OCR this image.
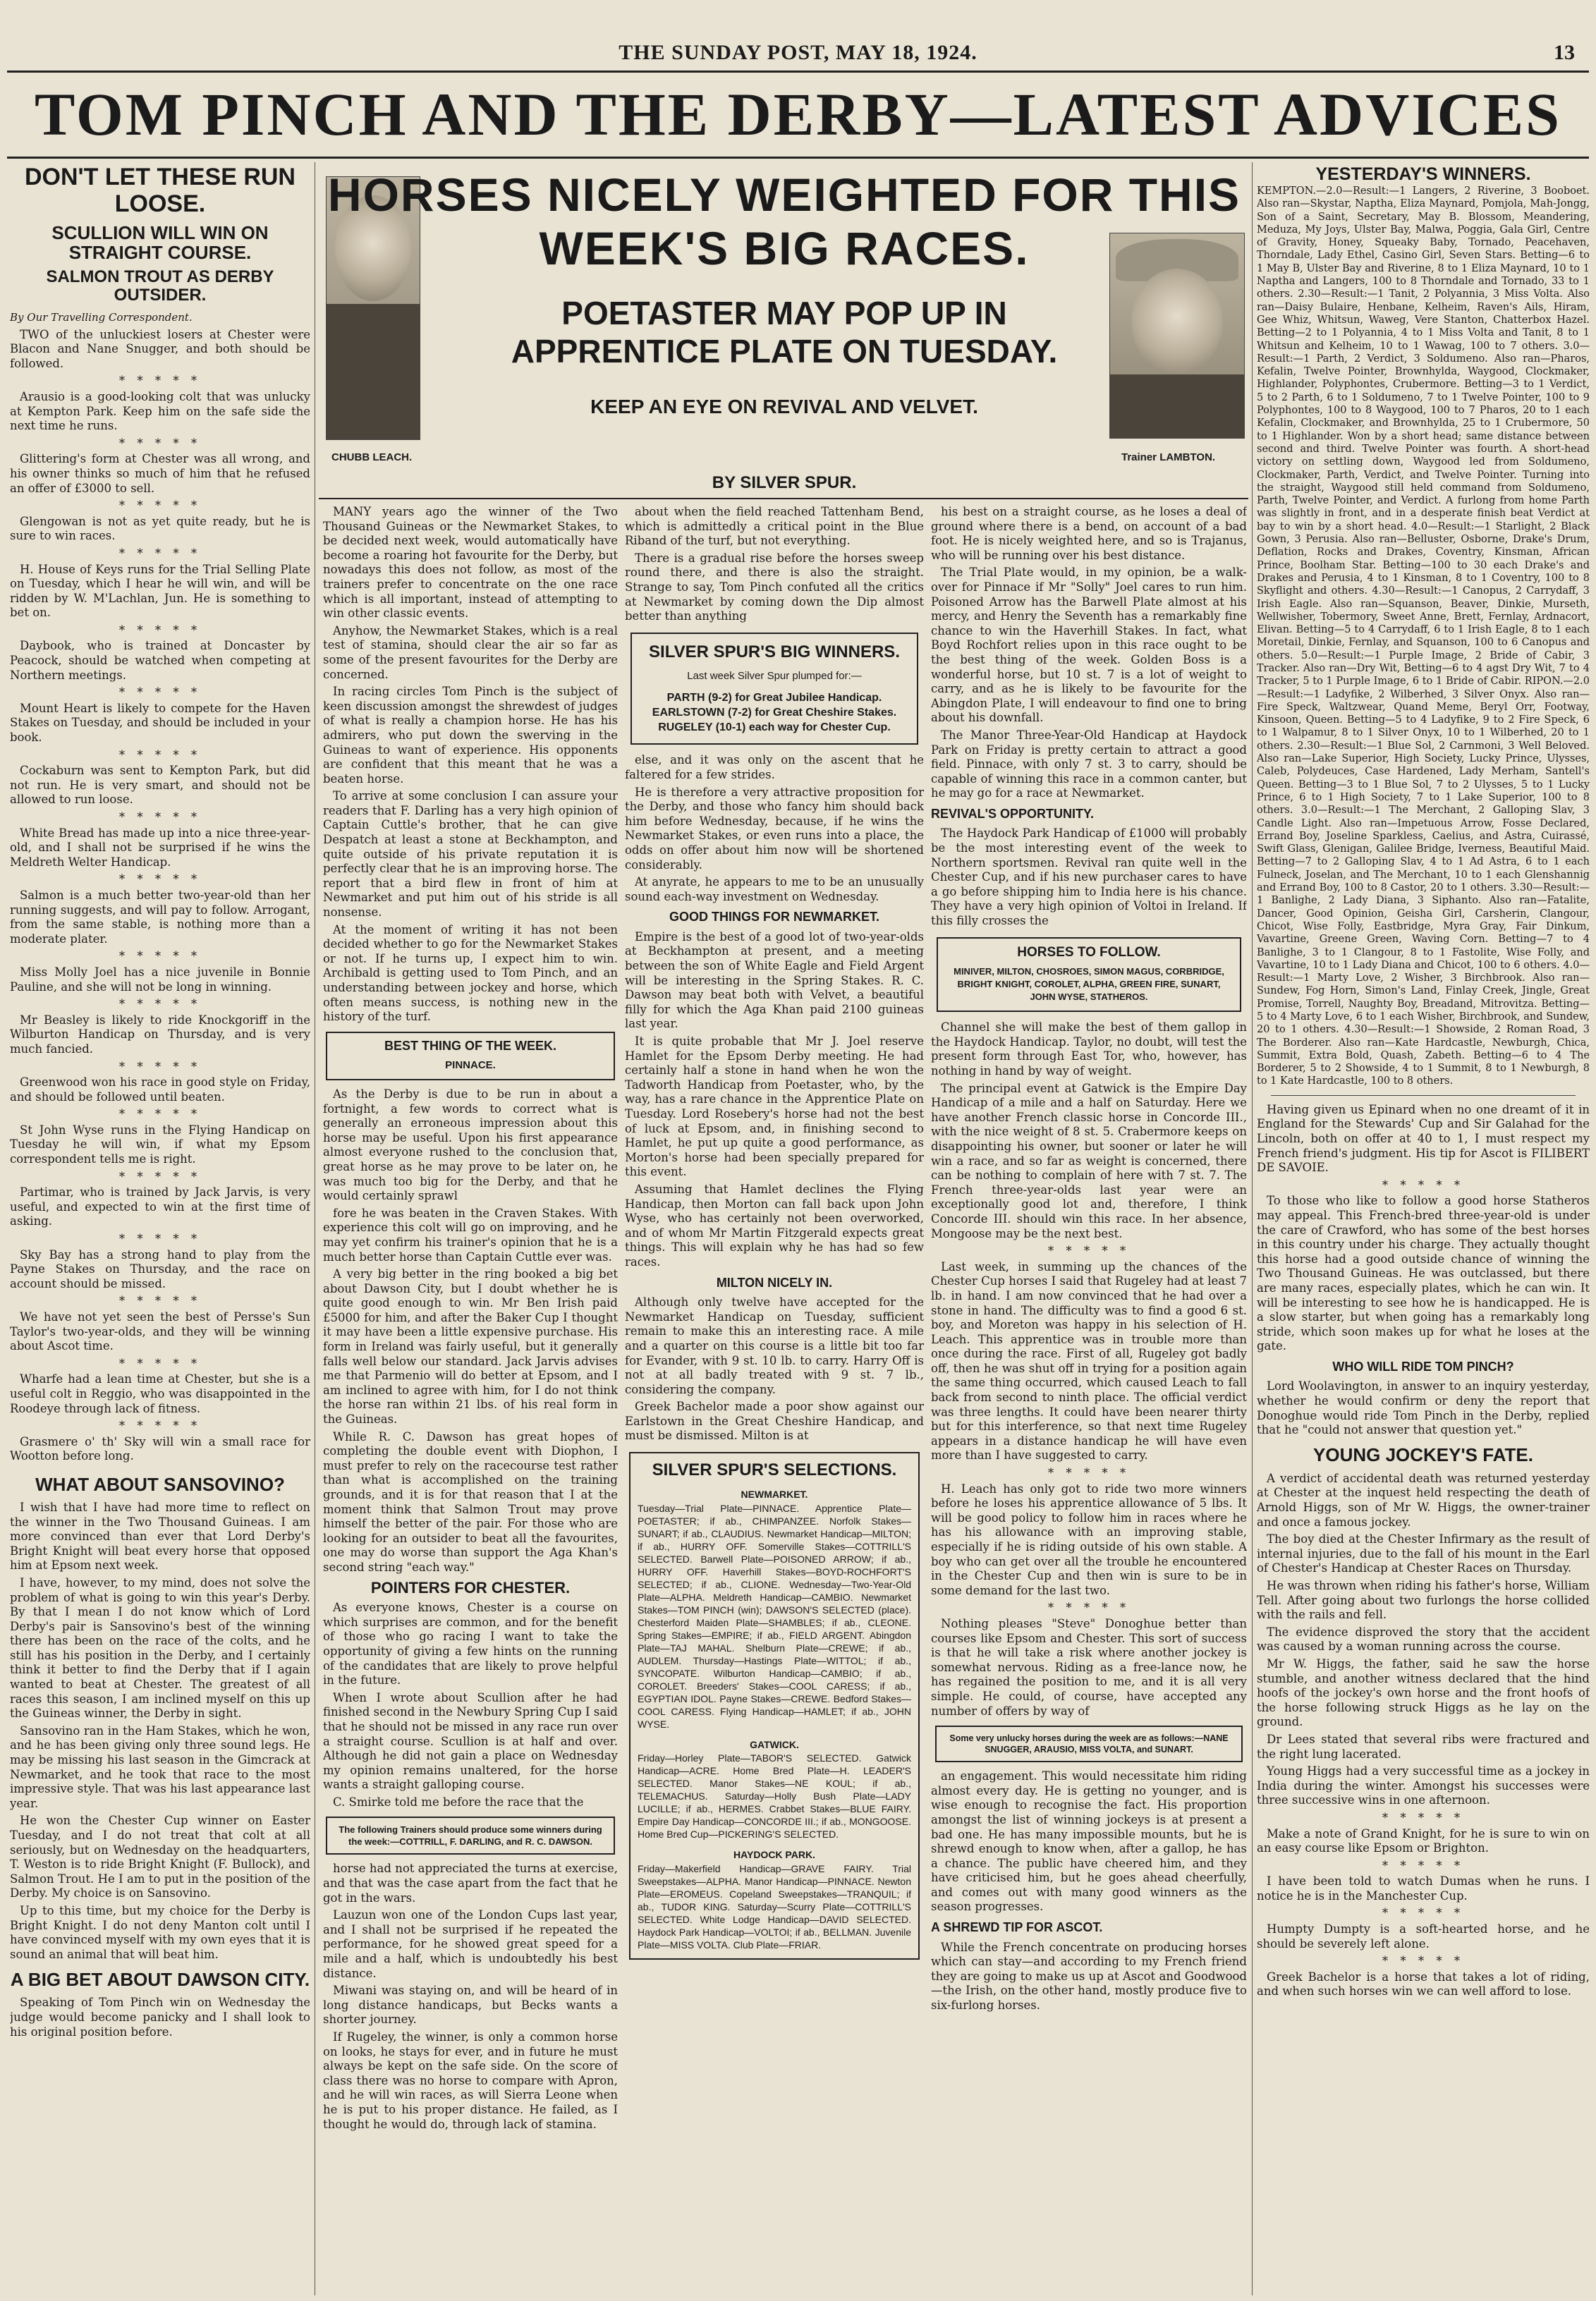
THE SUNDAY POST, MAY 18, 1924.	13
TOM PINCH AND THE DERBY—LATEST ADVICES
DON'T LET THESE RUN LOOSE.
SCULLION WILL WIN ON STRAIGHT COURSE.
SALMON TROUT AS DERBY OUTSIDER.
By Our Travelling Correspondent.

TWO of the unluckiest losers at Chester were Blacon and Nane Snugger, and both should be followed.

* * * * *

Arausio is a good-looking colt that was unlucky at Kempton Park. Keep him on the safe side the next time he runs.

* * * * *

Glittering's form at Chester was all wrong, and his owner thinks so much of him that he refused an offer of £3000 to sell.

* * * * *

Glengowan is not as yet quite ready, but he is sure to win races.

* * * * *

H. House of Keys runs for the Trial Selling Plate on Tuesday, which I hear he will win, and will be ridden by W. M'Lachlan, Jun. He is something to bet on.

* * * * *

Daybook, who is trained at Doncaster by Peacock, should be watched when competing at Northern meetings.

* * * * *

Mount Heart is likely to compete for the Haven Stakes on Tuesday, and should be included in your book.

* * * * *

Cockaburn was sent to Kempton Park, but did not run. He is very smart, and should not be allowed to run loose.

* * * * *

White Bread has made up into a nice three-year-old, and I shall not be surprised if he wins the Meldreth Welter Handicap.

* * * * *

Salmon is a much better two-year-old than her running suggests, and will pay to follow. Arrogant, from the same stable, is nothing more than a moderate plater.

* * * * *

Miss Molly Joel has a nice juvenile in Bonnie Pauline, and she will not be long in winning.

* * * * *

Mr Beasley is likely to ride Knockgoriff in the Wilburton Handicap on Thursday, and is very much fancied.

* * * * *

Greenwood won his race in good style on Friday, and should be followed until beaten.

* * * * *

St John Wyse runs in the Flying Handicap on Tuesday he will win, if what my Epsom correspondent tells me is right.

* * * * *

Partimar, who is trained by Jack Jarvis, is very useful, and expected to win at the first time of asking.

* * * * *

Sky Bay has a strong hand to play from the Payne Stakes on Thursday, and the race on account should be missed.

* * * * *

We have not yet seen the best of Persse's Sun Taylor's two-year-olds, and they will be winning about Ascot time.

* * * * *

Wharfe had a lean time at Chester, but she is a useful colt in Reggio, who was disappointed in the Roodeye through lack of fitness.

* * * * *

Grasmere o' th' Sky will win a small race for Wootton before long.

WHAT ABOUT SANSOVINO?

I wish that I have had more time to reflect on the winner in the Two Thousand Guineas. I am more convinced than ever that Lord Derby's Bright Knight will beat every horse that opposed him at Epsom next week.

I have, however, to my mind, does not solve the problem of what is going to win this year's Derby. By that I mean I do not know which of Lord Derby's pair is Sansovino's best of the winning there has been on the race of the colts, and he still has his position in the Derby, and I certainly think it better to find the Derby that if I again wanted to beat at Chester. The greatest of all races this season, I am inclined myself on this up the Guineas winner, the Derby in sight.

Sansovino ran in the Ham Stakes, which he won, and he has been giving only three sound legs. He may be missing his last season in the Gimcrack at Newmarket, and he took that race to the most impressive style. That was his last appearance last year.

He won the Chester Cup winner on Easter Tuesday, and I do not treat that colt at all seriously, but on Wednesday on the headquarters, T. Weston is to ride Bright Knight (F. Bullock), and Salmon Trout. He I am to put in the position of the Derby. My choice is on Sansovino.

Up to this time, but my choice for the Derby is Bright Knight. I do not deny Manton colt until I have convinced myself with my own eyes that it is sound an animal that will beat him.

A BIG BET ABOUT DAWSON CITY.

Speaking of Tom Pinch win on Wednesday the judge would become panicky and I shall look to his original position before.

CHUBB LEACH.	Trainer LAMBTON.
HORSES NICELY WEIGHTED FOR THIS
WEEK'S BIG RACES.
POETASTER MAY POP UP IN
APPRENTICE PLATE ON TUESDAY.
KEEP AN EYE ON REVIVAL AND VELVET.
BY SILVER SPUR.

MANY years ago the winner of the Two Thousand Guineas or the Newmarket Stakes, to be decided next week, would automatically have become a roaring hot favourite for the Derby, but nowadays this does not follow, as most of the trainers prefer to concentrate on the one race which is all important, instead of attempting to win other classic events.

Anyhow, the Newmarket Stakes, which is a real test of stamina, should clear the air so far as some of the present favourites for the Derby are concerned.

In racing circles Tom Pinch is the subject of keen discussion amongst the shrewdest of judges of what is really a champion horse. He has his admirers, who put down the swerving in the Guineas to want of experience. His opponents are confident that this meant that he was a beaten horse.

To arrive at some conclusion I can assure your readers that F. Darling has a very high opinion of Captain Cuttle's brother, that he can give Despatch at least a stone at Beckhampton, and quite outside of his private reputation it is perfectly clear that he is an improving horse. The report that a bird flew in front of him at Newmarket and put him out of his stride is all nonsense.

At the moment of writing it has not been decided whether to go for the Newmarket Stakes or not. If he turns up, I expect him to win. Archibald is getting used to Tom Pinch, and an understanding between jockey and horse, which often means success, is nothing new in the history of the turf.

BEST THING OF THE WEEK.
PINNACE.

As the Derby is due to be run in about a fortnight, a few words to correct what is generally an erroneous impression about this horse may be useful. Upon his first appearance almost everyone rushed to the conclusion that, great horse as he may prove to be later on, he was much too big for the Derby, and that he would certainly sprawl

fore he was beaten in the Craven Stakes. With experience this colt will go on improving, and he may yet confirm his trainer's opinion that he is a much better horse than Captain Cuttle ever was.

A very big better in the ring booked a big bet about Dawson City, but I doubt whether he is quite good enough to win. Mr Ben Irish paid £5000 for him, and after the Baker Cup I thought it may have been a little expensive purchase. His form in Ireland was fairly useful, but it generally falls well below our standard. Jack Jarvis advises me that Parmenio will do better at Epsom, and I am inclined to agree with him, for I do not think the horse ran within 21 lbs. of his real form in the Guineas.

While R. C. Dawson has great hopes of completing the double event with Diophon, I must prefer to rely on the racecourse test rather than what is accomplished on the training grounds, and it is for that reason that I at the moment think that Salmon Trout may prove himself the better of the pair. For those who are looking for an outsider to beat all the favourites, one may do worse than support the Aga Khan's second string "each way."

POINTERS FOR CHESTER.

As everyone knows, Chester is a course on which surprises are common, and for the benefit of those who go racing I want to take the opportunity of giving a few hints on the running of the candidates that are likely to prove helpful in the future.

When I wrote about Scullion after he had finished second in the Newbury Spring Cup I said that he should not be missed in any race run over a straight course. Scullion is at half and over. Although he did not gain a place on Wednesday my opinion remains unaltered, for the horse wants a straight galloping course.

C. Smirke told me before the race that the

The following Trainers should produce some winners during the week:—COTTRILL, F. DARLING, and R. C. DAWSON.

horse had not appreciated the turns at exercise, and that was the case apart from the fact that he got in the wars.

Lauzun won one of the London Cups last year, and I shall not be surprised if he repeated the performance, for he showed great speed for a mile and a half, which is undoubtedly his best distance.

Miwani was staying on, and will be heard of in long distance handicaps, but Becks wants a shorter journey.

If Rugeley, the winner, is only a common horse on looks, he stays for ever, and in future he must always be kept on the safe side. On the score of class there was no horse to compare with Apron, and he will win races, as will Sierra Leone when he is put to his proper distance. He failed, as I thought he would do, through lack of stamina.

about when the field reached Tattenham Bend, which is admittedly a critical point in the Blue Riband of the turf, but not everything.

There is a gradual rise before the horses sweep round there, and there is also the straight. Strange to say, Tom Pinch confuted all the critics at Newmarket by coming down the Dip almost better than anything

SILVER SPUR'S BIG WINNERS.
Last week Silver Spur plumped for:—
PARTH (9-2) for Great Jubilee Handicap.
EARLSTOWN (7-2) for Great Cheshire Stakes.
RUGELEY (10-1) each way for Chester Cup.

else, and it was only on the ascent that he faltered for a few strides.

He is therefore a very attractive proposition for the Derby, and those who fancy him should back him before Wednesday, because, if he wins the Newmarket Stakes, or even runs into a place, the odds on offer about him now will be shortened considerably.

At anyrate, he appears to me to be an unusually sound each-way investment on Wednesday.

GOOD THINGS FOR NEWMARKET.

Empire is the best of a good lot of two-year-olds at Beckhampton at present, and a meeting between the son of White Eagle and Field Argent will be interesting in the Spring Stakes. R. C. Dawson may beat both with Velvet, a beautiful filly for which the Aga Khan paid 2100 guineas last year.

It is quite probable that Mr J. Joel reserve Hamlet for the Epsom Derby meeting. He had certainly half a stone in hand when he won the Tadworth Handicap from Poetaster, who, by the way, has a rare chance in the Apprentice Plate on Tuesday. Lord Rosebery's horse had not the best of luck at Epsom, and, in finishing second to Hamlet, he put up quite a good performance, as Morton's horse had been specially prepared for this event.

Assuming that Hamlet declines the Flying Handicap, then Morton can fall back upon John Wyse, who has certainly not been overworked, and of whom Mr Martin Fitzgerald expects great things. This will explain why he has had so few races.

MILTON NICELY IN.

Although only twelve have accepted for the Newmarket Handicap on Tuesday, sufficient remain to make this an interesting race. A mile and a quarter on this course is a little bit too far for Evander, with 9 st. 10 lb. to carry. Harry Off is not at all badly treated with 9 st. 7 lb., considering the company.

Greek Bachelor made a poor show against our Earlstown in the Great Cheshire Handicap, and must be dismissed. Milton is at

SILVER SPUR'S SELECTIONS.
NEWMARKET.
Tuesday—Trial Plate—PINNACE. Apprentice Plate—POETASTER; if ab., CHIMPANZEE. Norfolk Stakes—SUNART; if ab., CLAUDIUS. Newmarket Handicap—MILTON; if ab., HURRY OFF. Somerville Stakes—COTTRILL'S SELECTED. Barwell Plate—POISONED ARROW; if ab., HURRY OFF. Haverhill Stakes—BOYD-ROCHFORT'S SELECTED; if ab., CLIONE. Wednesday—Two-Year-Old Plate—ALPHA. Meldreth Handicap—CAMBIO. Newmarket Stakes—TOM PINCH (win); DAWSON'S SELECTED (place). Chesterford Maiden Plate—SHAMBLES; if ab., CLEONE. Spring Stakes—EMPIRE; if ab., FIELD ARGENT. Abingdon Plate—TAJ MAHAL. Shelburn Plate—CREWE; if ab., AUDLEM. Thursday—Hastings Plate—WITTOL; if ab., SYNCOPATE. Wilburton Handicap—CAMBIO; if ab., COROLET. Breeders' Stakes—COOL CARESS; if ab., EGYPTIAN IDOL. Payne Stakes—CREWE. Bedford Stakes—COOL CARESS. Flying Handicap—HAMLET; if ab., JOHN WYSE.
GATWICK.
Friday—Horley Plate—TABOR'S SELECTED. Gatwick Handicap—ACRE. Home Bred Plate—H. LEADER'S SELECTED. Manor Stakes—NE KOUL; if ab., TELEMACHUS. Saturday—Holly Bush Plate—LADY LUCILLE; if ab., HERMES. Crabbet Stakes—BLUE FAIRY. Empire Day Handicap—CONCORDE III.; if ab., MONGOOSE. Home Bred Cup—PICKERING'S SELECTED.
HAYDOCK PARK.
Friday—Makerfield Handicap—GRAVE FAIRY. Trial Sweepstakes—ALPHA. Manor Handicap—PINNACE. Newton Plate—EROMEUS. Copeland Sweepstakes—TRANQUIL; if ab., TUDOR KING. Saturday—Scurry Plate—COTTRILL'S SELECTED. White Lodge Handicap—DAVID SELECTED. Haydock Park Handicap—VOLTOI; if ab., BELLMAN. Juvenile Plate—MISS VOLTA. Club Plate—FRIAR.

his best on a straight course, as he loses a deal of ground where there is a bend, on account of a bad foot. He is nicely weighted here, and so is Trajanus, who will be running over his best distance.

The Trial Plate would, in my opinion, be a walk-over for Pinnace if Mr "Solly" Joel cares to run him. Poisoned Arrow has the Barwell Plate almost at his mercy, and Henry the Seventh has a remarkably fine chance to win the Haverhill Stakes. In fact, what Boyd Rochfort relies upon in this race ought to be the best thing of the week. Golden Boss is a wonderful horse, but 10 st. 7 is a lot of weight to carry, and as he is likely to be favourite for the Abingdon Plate, I will endeavour to find one to bring about his downfall.

The Manor Three-Year-Old Handicap at Haydock Park on Friday is pretty certain to attract a good field. Pinnace, with only 7 st. 3 to carry, should be capable of winning this race in a common canter, but he may go for a race at Newmarket.

REVIVAL'S OPPORTUNITY.

The Haydock Park Handicap of £1000 will probably be the most interesting event of the week to Northern sportsmen. Revival ran quite well in the Chester Cup, and if his new purchaser cares to have a go before shipping him to India here is his chance. They have a very high opinion of Voltoi in Ireland. If this filly crosses the

HORSES TO FOLLOW.
MINIVER, MILTON, CHOSROES, SIMON MAGUS, CORBRIDGE, BRIGHT KNIGHT, COROLET, ALPHA, GREEN FIRE, SUNART, JOHN WYSE, STATHEROS.

Channel she will make the best of them gallop in the Haydock Handicap. Taylor, no doubt, will test the present form through East Tor, who, however, has nothing in hand by way of weight.

The principal event at Gatwick is the Empire Day Handicap of a mile and a half on Saturday. Here we have another French classic horse in Concorde III., with the nice weight of 8 st. 5. Crabermore keeps on disappointing his owner, but sooner or later he will win a race, and so far as weight is concerned, there can be nothing to complain of here with 7 st. 7. The French three-year-olds last year were an exceptionally good lot and, therefore, I think Concorde III. should win this race. In her absence, Mongoose may be the next best.

* * * * *

Last week, in summing up the chances of the Chester Cup horses I said that Rugeley had at least 7 lb. in hand. I am now convinced that he had over a stone in hand. The difficulty was to find a good 6 st. boy, and Moreton was happy in his selection of H. Leach. This apprentice was in trouble more than once during the race. First of all, Rugeley got badly off, then he was shut off in trying for a position again the same thing occurred, which caused Leach to fall back from second to ninth place. The official verdict was three lengths. It could have been nearer thirty but for this interference, so that next time Rugeley appears in a distance handicap he will have even more than I have suggested to carry.

* * * * *

H. Leach has only got to ride two more winners before he loses his apprentice allowance of 5 lbs. It will be good policy to follow him in races where he has his allowance with an improving stable, especially if he is riding outside of his own stable. A boy who can get over all the trouble he encountered in the Chester Cup and then win is sure to be in some demand for the last two.

* * * * *

Nothing pleases "Steve" Donoghue better than courses like Epsom and Chester. This sort of success is that he will take a risk where another jockey is somewhat nervous. Riding as a free-lance now, he has regained the position to me, and it is all very simple. He could, of course, have accepted any number of offers by way of

Some very unlucky horses during the week are as follows:—NANE SNUGGER, ARAUSIO, MISS VOLTA, and SUNART.

an engagement. This would necessitate him riding almost every day. He is getting no younger, and is wise enough to recognise the fact. His proportion amongst the list of winning jockeys is at present a bad one. He has many impossible mounts, but he is shrewd enough to know when, after a gallop, he has a chance. The public have cheered him, and they have criticised him, but he goes ahead cheerfully, and comes out with many good winners as the season progresses.

A SHREWD TIP FOR ASCOT.

While the French concentrate on producing horses which can stay—and according to my French friend they are going to make us up at Ascot and Goodwood—the Irish, on the other hand, mostly produce five to six-furlong horses.

YESTERDAY'S WINNERS.
KEMPTON.—2.0—Result:—1 Langers, 2 Riverine, 3 Booboet. Also ran—Skystar, Naptha, Eliza Maynard, Pomjola, Mah-Jongg, Son of a Saint, Secretary, May B. Blossom, Meandering, Meduza, My Joys, Ulster Bay, Malwa, Poggia, Gala Girl, Centre of Gravity, Honey, Squeaky Baby, Tornado, Peacehaven, Thorndale, Lady Ethel, Casino Girl, Seven Stars. Betting—6 to 1 May B, Ulster Bay and Riverine, 8 to 1 Eliza Maynard, 10 to 1 Naptha and Langers, 100 to 8 Thorndale and Tornado, 33 to 1 others. 2.30—Result:—1 Tanit, 2 Polyannia, 3 Miss Volta. Also ran—Daisy Bulaire, Henbane, Kelheim, Raven's Ails, Hiram, Gee Whiz, Whitsun, Waweg, Vere Stanton, Chatterbox Hazel. Betting—2 to 1 Polyannia, 4 to 1 Miss Volta and Tanit, 8 to 1 Whitsun and Kelheim, 10 to 1 Wawag, 100 to 7 others. 3.0—Result:—1 Parth, 2 Verdict, 3 Soldumeno. Also ran—Pharos, Kefalin, Twelve Pointer, Brownhylda, Waygood, Clockmaker, Highlander, Polyphontes, Crubermore. Betting—3 to 1 Verdict, 5 to 2 Parth, 6 to 1 Soldumeno, 7 to 1 Twelve Pointer, 100 to 9 Polyphontes, 100 to 8 Waygood, 100 to 7 Pharos, 20 to 1 each Kefalin, Clockmaker, and Brownhylda, 25 to 1 Crubermore, 50 to 1 Highlander. Won by a short head; same distance between second and third. Twelve Pointer was fourth. A short-head victory on settling down, Waygood led from Soldumeno, Clockmaker, Parth, Verdict, and Twelve Pointer. Turning into the straight, Waygood still held command from Soldumeno, Parth, Twelve Pointer, and Verdict. A furlong from home Parth was slightly in front, and in a desperate finish beat Verdict at bay to win by a short head. 4.0—Result:—1 Starlight, 2 Black Gown, 3 Perusia. Also ran—Belluster, Osborne, Drake's Drum, Deflation, Rocks and Drakes, Coventry, Kinsman, African Prince, Boolham Star. Betting—100 to 30 each Drake's and Drakes and Perusia, 4 to 1 Kinsman, 8 to 1 Coventry, 100 to 8 Skyflight and others. 4.30—Result:—1 Canopus, 2 Carrydaff, 3 Irish Eagle. Also ran—Squanson, Beaver, Dinkie, Murseth, Wellwisher, Tobermory, Sweet Anne, Brett, Fernlay, Ardnacort, Elivan. Betting—5 to 4 Carrydaff, 6 to 1 Irish Eagle, 8 to 1 each Moretail, Dinkie, Fernlay, and Squanson, 100 to 6 Canopus and others. 5.0—Result:—1 Purple Image, 2 Bride of Cabir, 3 Tracker. Also ran—Dry Wit, Betting—6 to 4 agst Dry Wit, 7 to 4 Tracker, 5 to 1 Purple Image, 6 to 1 Bride of Cabir. RIPON.—2.0—Result:—1 Ladyfike, 2 Wilberhed, 3 Silver Onyx. Also ran—Fire Speck, Waltzwear, Quand Meme, Beryl Orr, Footway, Kinsoon, Queen. Betting—5 to 4 Ladyfike, 9 to 2 Fire Speck, 6 to 1 Walpamur, 8 to 1 Silver Onyx, 10 to 1 Wilberhed, 20 to 1 others. 2.30—Result:—1 Blue Sol, 2 Carnmoni, 3 Well Beloved. Also ran—Lake Superior, High Society, Lucky Prince, Ulysses, Caleb, Polydeuces, Case Hardened, Lady Merham, Santell's Queen. Betting—3 to 1 Blue Sol, 7 to 2 Ulysses, 5 to 1 Lucky Prince, 6 to 1 High Society, 7 to 1 Lake Superior, 100 to 8 others. 3.0—Result:—1 The Merchant, 2 Galloping Slav, 3 Candle Light. Also ran—Impetuous Arrow, Fosse Declared, Errand Boy, Joseline Sparkless, Caelius, and Astra, Cuirassé, Swift Glass, Glenigan, Galilee Bridge, Iverness, Beautiful Maid. Betting—7 to 2 Galloping Slav, 4 to 1 Ad Astra, 6 to 1 each Fulneck, Joselan, and The Merchant, 10 to 1 each Glenshannig and Errand Boy, 100 to 8 Castor, 20 to 1 others. 3.30—Result:—1 Banlighe, 2 Lady Diana, 3 Siphanto. Also ran—Fatalite, Dancer, Good Opinion, Geisha Girl, Carsherin, Clangour, Chicot, Wise Folly, Eastbridge, Myra Gray, Fair Dinkum, Vavartine, Greene Green, Waving Corn. Betting—7 to 4 Banlighe, 3 to 1 Clangour, 8 to 1 Fastolite, Wise Folly, and Vavartine, 10 to 1 Lady Diana and Chicot, 100 to 6 others. 4.0—Result:—1 Marty Love, 2 Wisher, 3 Birchbrook. Also ran—Sundew, Fog Horn, Simon's Land, Finlay Creek, Jingle, Great Promise, Torrell, Naughty Boy, Breadand, Mitrovitza. Betting—5 to 4 Marty Love, 6 to 1 each Wisher, Birchbrook, and Sundew, 20 to 1 others. 4.30—Result:—1 Showside, 2 Roman Road, 3 The Borderer. Also ran—Kate Hardcastle, Newburgh, Chica, Summit, Extra Bold, Quash, Zabeth. Betting—6 to 4 The Borderer, 5 to 2 Showside, 4 to 1 Summit, 8 to 1 Newburgh, 8 to 1 Kate Hardcastle, 100 to 8 others.

Having given us Epinard when no one dreamt of it in England for the Stewards' Cup and Sir Galahad for the Lincoln, both on offer at 40 to 1, I must respect my French friend's judgment. His tip for Ascot is FILIBERT DE SAVOIE.

* * * * *

To those who like to follow a good horse Statheros may appeal. This French-bred three-year-old is under the care of Crawford, who has some of the best horses in this country under his charge. They actually thought this horse had a good outside chance of winning the Two Thousand Guineas. He was outclassed, but there are many races, especially plates, which he can win. It will be interesting to see how he is handicapped. He is a slow starter, but when going has a remarkably long stride, which soon makes up for what he loses at the gate.

WHO WILL RIDE TOM PINCH?

Lord Woolavington, in answer to an inquiry yesterday, whether he would confirm or deny the report that Donoghue would ride Tom Pinch in the Derby, replied that he "could not answer that question yet."

YOUNG JOCKEY'S FATE.

A verdict of accidental death was returned yesterday at Chester at the inquest held respecting the death of Arnold Higgs, son of Mr W. Higgs, the owner-trainer and once a famous jockey.

The boy died at the Chester Infirmary as the result of internal injuries, due to the fall of his mount in the Earl of Chester's Handicap at Chester Races on Thursday.

He was thrown when riding his father's horse, William Tell. After going about two furlongs the horse collided with the rails and fell.

The evidence disproved the story that the accident was caused by a woman running across the course.

Mr W. Higgs, the father, said he saw the horse stumble, and another witness declared that the hind hoofs of the jockey's own horse and the front hoofs of the horse following struck Higgs as he lay on the ground.

Dr Lees stated that several ribs were fractured and the right lung lacerated.

Young Higgs had a very successful time as a jockey in India during the winter. Amongst his successes were three successive wins in one afternoon.

* * * * *

Make a note of Grand Knight, for he is sure to win on an easy course like Epsom or Brighton.

* * * * *

I have been told to watch Dumas when he runs. I notice he is in the Manchester Cup.

* * * * *

Humpty Dumpty is a soft-hearted horse, and he should be severely left alone.

* * * * *

Greek Bachelor is a horse that takes a lot of riding, and when such horses win we can well afford to lose.
